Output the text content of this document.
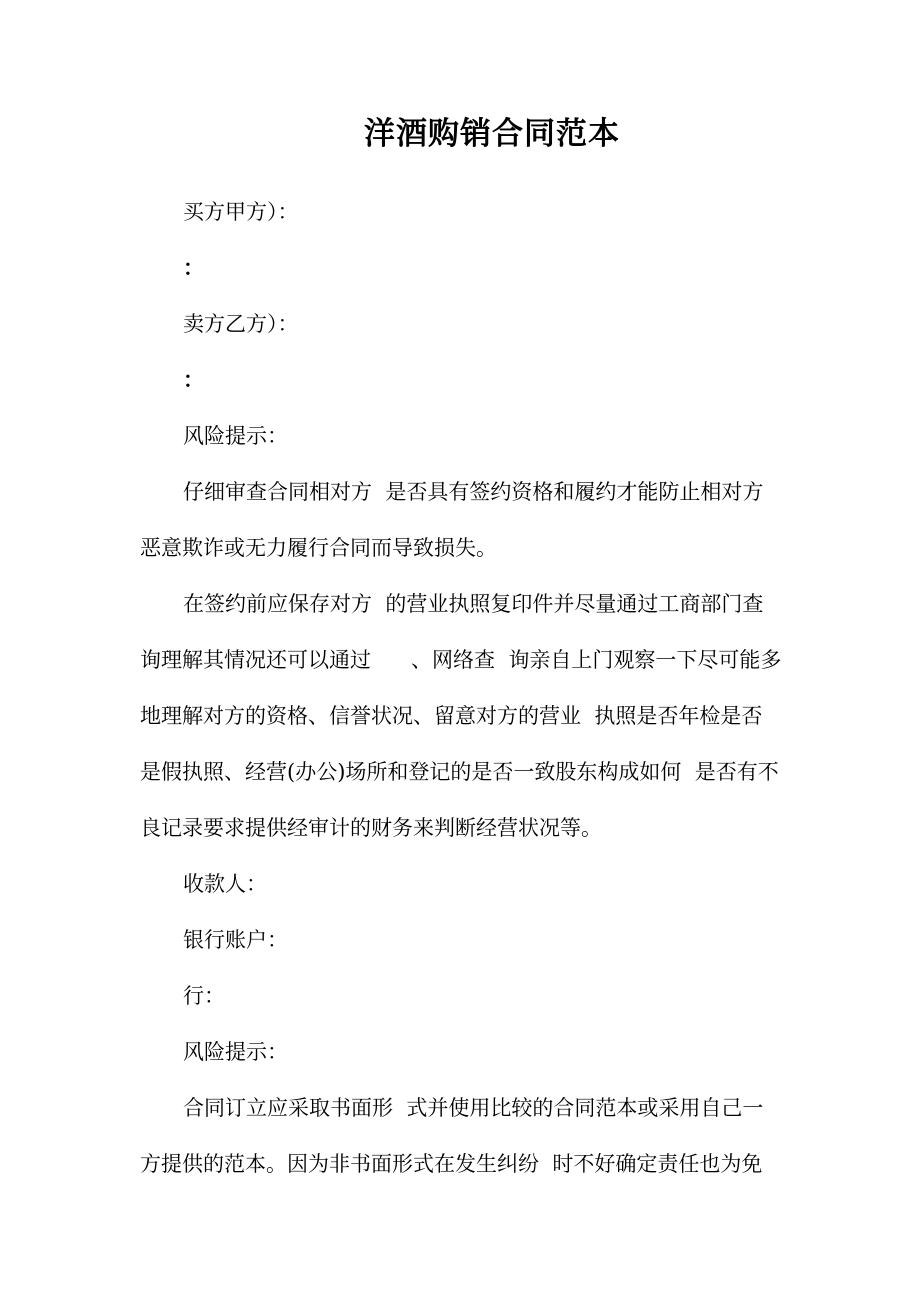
洋酒购销合同范本

买方甲方）：

：

卖方乙方）：

：

风险提示：

仔细审查合同相对方  是否具有签约资格和履约才能防止相对方

恶意欺诈或无力履行合同而导致损失。

在签约前应保存对方  的营业执照复印件并尽量通过工商部门查

询理解其情况还可以通过      、网络查  询亲自上门观察一下尽可能多

地理解对方的资格、信誉状况、留意对方的营业  执照是否年检是否

是假执照、经营(办公)场所和登记的是否一致股东构成如何  是否有不

良记录要求提供经审计的财务来判断经营状况等。

收款人：

银行账户：

行：

风险提示：

合同订立应采取书面形  式并使用比较的合同范本或采用自己一

方提供的范本。因为非书面形式在发生纠纷  时不好确定责任也为免
